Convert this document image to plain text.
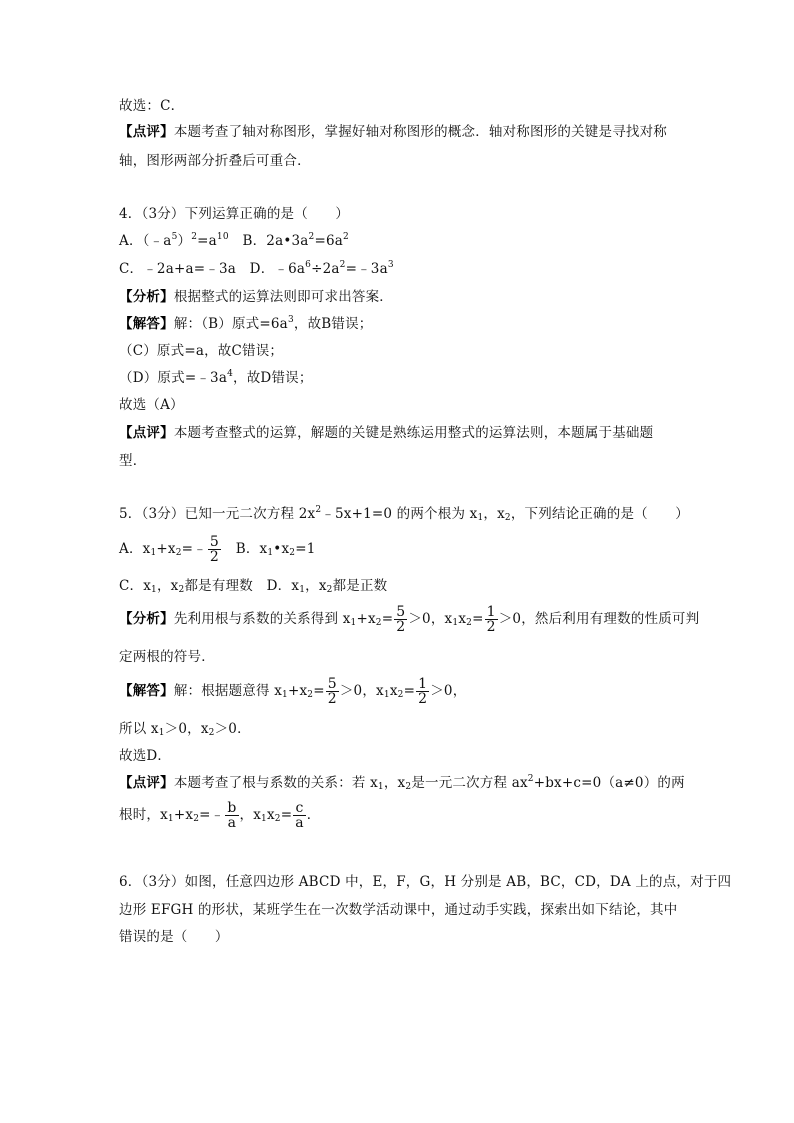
故选：C．
【点评】本题考查了轴对称图形，掌握好轴对称图形的概念．轴对称图形的关键是寻找对称
轴，图形两部分折叠后可重合．
4．（3分）下列运算正确的是（　　）
A．$(﹣a^5)^2=a^{10}$　B．$2a•3a^2=6a^2$
C．﹣2a+a=﹣3a　D．$﹣6a^6\div 2a^2=﹣3a^3$
【分析】根据整式的运算法则即可求出答案．
【解答】解：（B）原式$=6a^3$，故B错误；
（C）原式=a，故C错误；
（D）原式$=﹣3a^4$，故D错误；
故选（A）
【点评】本题考查整式的运算，解题的关键是熟练运用整式的运算法则，本题属于基础题
型．
5．（3分）已知一元二次方程 $2x^2﹣5x+1=0$ 的两个根为 $x_1$，$x_2$，下列结论正确的是（　　）
A．$x_1+x_2=﹣ \frac{5}{2}$ 　B．$x_1•x_2=1$
C．$x_1$，$x_2$都是有理数　D．$x_1$，$x_2$都是正数
【分析】先利用根与系数的关系得到 $x_1+x_2= \frac{5}{2} >0$，$x_1x_2= \frac{1}{2} >0$，然后利用有理数的性质可判
定两根的符号．
【解答】解：根据题意得 $x_1+x_2= \frac{5}{2} >0$，$x_1x_2= \frac{1}{2} >0$，
所以 $x_1>0$，$x_2>0$．
故选D．
【点评】本题考查了根与系数的关系：若 $x_1$，$x_2$是一元二次方程 $ax^2+bx+c=0(a\ne 0)$的两
根时，$x_1+x_2=﹣ \frac{b}{a}$ ，$x_1x_2= \frac{c}{a}$ ．
6．（3分）如图，任意四边形 ABCD 中，E，F，G，H 分别是 AB，BC，CD，DA 上的点，对于四
边形 EFGH 的形状，某班学生在一次数学活动课中，通过动手实践，探索出如下结论，其中
错误的是（　　）
